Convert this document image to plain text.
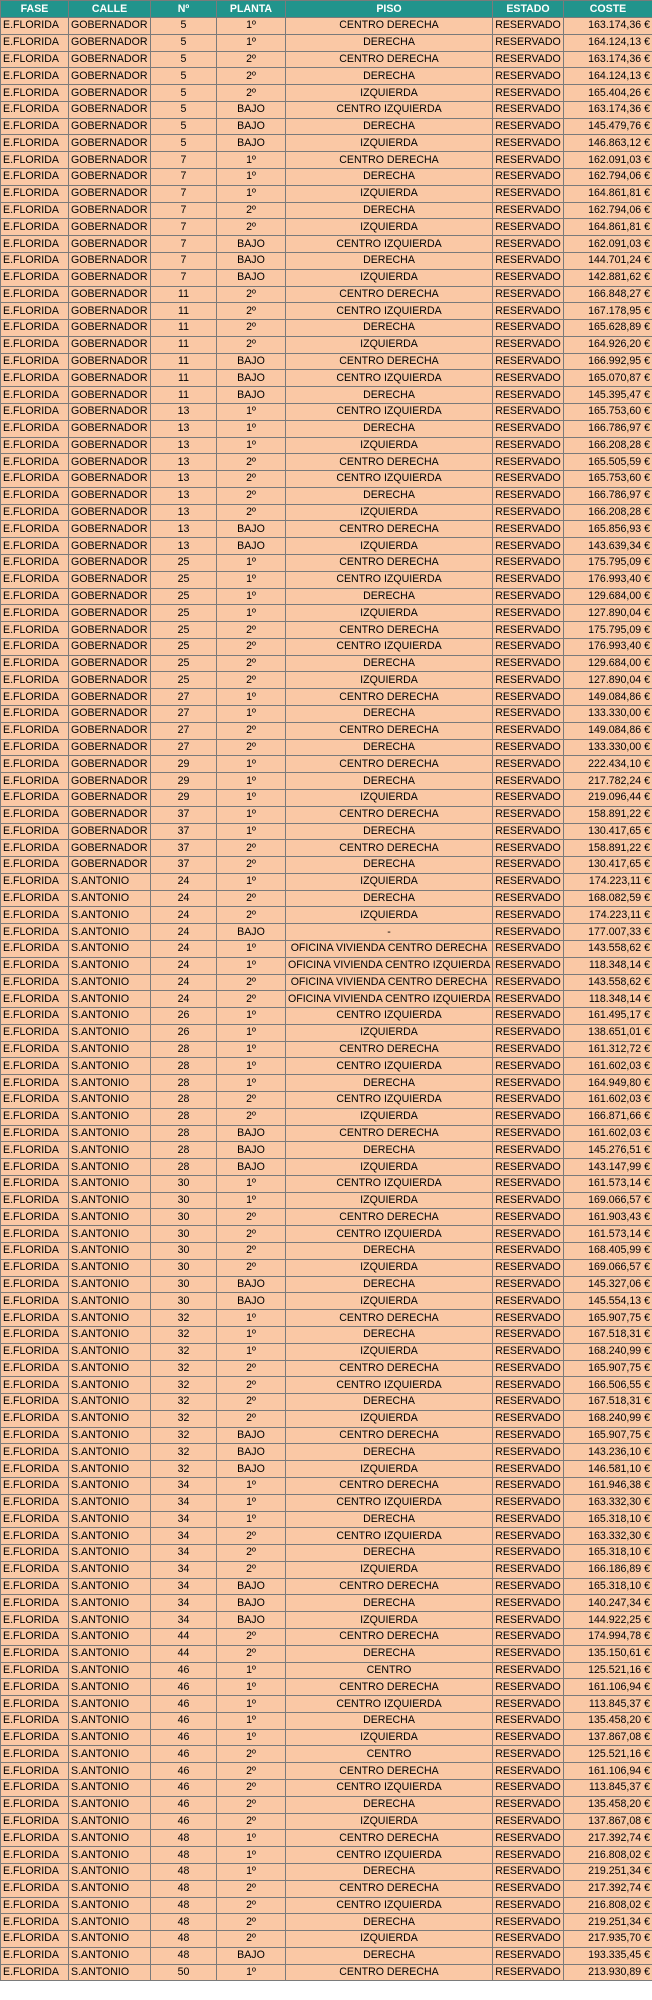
FASE	CALLE	Nº	PLANTA	PISO	ESTADO	COSTE
E.FLORIDA	GOBERNADOR	5	1º	CENTRO DERECHA	RESERVADO	163.174,36 €
E.FLORIDA	GOBERNADOR	5	1º	DERECHA	RESERVADO	164.124,13 €
E.FLORIDA	GOBERNADOR	5	2º	CENTRO DERECHA	RESERVADO	163.174,36 €
E.FLORIDA	GOBERNADOR	5	2º	DERECHA	RESERVADO	164.124,13 €
E.FLORIDA	GOBERNADOR	5	2º	IZQUIERDA	RESERVADO	165.404,26 €
E.FLORIDA	GOBERNADOR	5	BAJO	CENTRO IZQUIERDA	RESERVADO	163.174,36 €
E.FLORIDA	GOBERNADOR	5	BAJO	DERECHA	RESERVADO	145.479,76 €
E.FLORIDA	GOBERNADOR	5	BAJO	IZQUIERDA	RESERVADO	146.863,12 €
E.FLORIDA	GOBERNADOR	7	1º	CENTRO DERECHA	RESERVADO	162.091,03 €
E.FLORIDA	GOBERNADOR	7	1º	DERECHA	RESERVADO	162.794,06 €
E.FLORIDA	GOBERNADOR	7	1º	IZQUIERDA	RESERVADO	164.861,81 €
E.FLORIDA	GOBERNADOR	7	2º	DERECHA	RESERVADO	162.794,06 €
E.FLORIDA	GOBERNADOR	7	2º	IZQUIERDA	RESERVADO	164.861,81 €
E.FLORIDA	GOBERNADOR	7	BAJO	CENTRO IZQUIERDA	RESERVADO	162.091,03 €
E.FLORIDA	GOBERNADOR	7	BAJO	DERECHA	RESERVADO	144.701,24 €
E.FLORIDA	GOBERNADOR	7	BAJO	IZQUIERDA	RESERVADO	142.881,62 €
E.FLORIDA	GOBERNADOR	11	2º	CENTRO DERECHA	RESERVADO	166.848,27 €
E.FLORIDA	GOBERNADOR	11	2º	CENTRO IZQUIERDA	RESERVADO	167.178,95 €
E.FLORIDA	GOBERNADOR	11	2º	DERECHA	RESERVADO	165.628,89 €
E.FLORIDA	GOBERNADOR	11	2º	IZQUIERDA	RESERVADO	164.926,20 €
E.FLORIDA	GOBERNADOR	11	BAJO	CENTRO DERECHA	RESERVADO	166.992,95 €
E.FLORIDA	GOBERNADOR	11	BAJO	CENTRO IZQUIERDA	RESERVADO	165.070,87 €
E.FLORIDA	GOBERNADOR	11	BAJO	DERECHA	RESERVADO	145.395,47 €
E.FLORIDA	GOBERNADOR	13	1º	CENTRO IZQUIERDA	RESERVADO	165.753,60 €
E.FLORIDA	GOBERNADOR	13	1º	DERECHA	RESERVADO	166.786,97 €
E.FLORIDA	GOBERNADOR	13	1º	IZQUIERDA	RESERVADO	166.208,28 €
E.FLORIDA	GOBERNADOR	13	2º	CENTRO DERECHA	RESERVADO	165.505,59 €
E.FLORIDA	GOBERNADOR	13	2º	CENTRO IZQUIERDA	RESERVADO	165.753,60 €
E.FLORIDA	GOBERNADOR	13	2º	DERECHA	RESERVADO	166.786,97 €
E.FLORIDA	GOBERNADOR	13	2º	IZQUIERDA	RESERVADO	166.208,28 €
E.FLORIDA	GOBERNADOR	13	BAJO	CENTRO DERECHA	RESERVADO	165.856,93 €
E.FLORIDA	GOBERNADOR	13	BAJO	IZQUIERDA	RESERVADO	143.639,34 €
E.FLORIDA	GOBERNADOR	25	1º	CENTRO DERECHA	RESERVADO	175.795,09 €
E.FLORIDA	GOBERNADOR	25	1º	CENTRO IZQUIERDA	RESERVADO	176.993,40 €
E.FLORIDA	GOBERNADOR	25	1º	DERECHA	RESERVADO	129.684,00 €
E.FLORIDA	GOBERNADOR	25	1º	IZQUIERDA	RESERVADO	127.890,04 €
E.FLORIDA	GOBERNADOR	25	2º	CENTRO DERECHA	RESERVADO	175.795,09 €
E.FLORIDA	GOBERNADOR	25	2º	CENTRO IZQUIERDA	RESERVADO	176.993,40 €
E.FLORIDA	GOBERNADOR	25	2º	DERECHA	RESERVADO	129.684,00 €
E.FLORIDA	GOBERNADOR	25	2º	IZQUIERDA	RESERVADO	127.890,04 €
E.FLORIDA	GOBERNADOR	27	1º	CENTRO DERECHA	RESERVADO	149.084,86 €
E.FLORIDA	GOBERNADOR	27	1º	DERECHA	RESERVADO	133.330,00 €
E.FLORIDA	GOBERNADOR	27	2º	CENTRO DERECHA	RESERVADO	149.084,86 €
E.FLORIDA	GOBERNADOR	27	2º	DERECHA	RESERVADO	133.330,00 €
E.FLORIDA	GOBERNADOR	29	1º	CENTRO DERECHA	RESERVADO	222.434,10 €
E.FLORIDA	GOBERNADOR	29	1º	DERECHA	RESERVADO	217.782,24 €
E.FLORIDA	GOBERNADOR	29	1º	IZQUIERDA	RESERVADO	219.096,44 €
E.FLORIDA	GOBERNADOR	37	1º	CENTRO DERECHA	RESERVADO	158.891,22 €
E.FLORIDA	GOBERNADOR	37	1º	DERECHA	RESERVADO	130.417,65 €
E.FLORIDA	GOBERNADOR	37	2º	CENTRO DERECHA	RESERVADO	158.891,22 €
E.FLORIDA	GOBERNADOR	37	2º	DERECHA	RESERVADO	130.417,65 €
E.FLORIDA	S.ANTONIO	24	1º	IZQUIERDA	RESERVADO	174.223,11 €
E.FLORIDA	S.ANTONIO	24	2º	DERECHA	RESERVADO	168.082,59 €
E.FLORIDA	S.ANTONIO	24	2º	IZQUIERDA	RESERVADO	174.223,11 €
E.FLORIDA	S.ANTONIO	24	BAJO	-	RESERVADO	177.007,33 €
E.FLORIDA	S.ANTONIO	24	1º	OFICINA VIVIENDA CENTRO DERECHA	RESERVADO	143.558,62 €
E.FLORIDA	S.ANTONIO	24	1º	OFICINA VIVIENDA CENTRO IZQUIERDA	RESERVADO	118.348,14 €
E.FLORIDA	S.ANTONIO	24	2º	OFICINA VIVIENDA CENTRO DERECHA	RESERVADO	143.558,62 €
E.FLORIDA	S.ANTONIO	24	2º	OFICINA VIVIENDA CENTRO IZQUIERDA	RESERVADO	118.348,14 €
E.FLORIDA	S.ANTONIO	26	1º	CENTRO IZQUIERDA	RESERVADO	161.495,17 €
E.FLORIDA	S.ANTONIO	26	1º	IZQUIERDA	RESERVADO	138.651,01 €
E.FLORIDA	S.ANTONIO	28	1º	CENTRO DERECHA	RESERVADO	161.312,72 €
E.FLORIDA	S.ANTONIO	28	1º	CENTRO IZQUIERDA	RESERVADO	161.602,03 €
E.FLORIDA	S.ANTONIO	28	1º	DERECHA	RESERVADO	164.949,80 €
E.FLORIDA	S.ANTONIO	28	2º	CENTRO IZQUIERDA	RESERVADO	161.602,03 €
E.FLORIDA	S.ANTONIO	28	2º	IZQUIERDA	RESERVADO	166.871,66 €
E.FLORIDA	S.ANTONIO	28	BAJO	CENTRO DERECHA	RESERVADO	161.602,03 €
E.FLORIDA	S.ANTONIO	28	BAJO	DERECHA	RESERVADO	145.276,51 €
E.FLORIDA	S.ANTONIO	28	BAJO	IZQUIERDA	RESERVADO	143.147,99 €
E.FLORIDA	S.ANTONIO	30	1º	CENTRO IZQUIERDA	RESERVADO	161.573,14 €
E.FLORIDA	S.ANTONIO	30	1º	IZQUIERDA	RESERVADO	169.066,57 €
E.FLORIDA	S.ANTONIO	30	2º	CENTRO DERECHA	RESERVADO	161.903,43 €
E.FLORIDA	S.ANTONIO	30	2º	CENTRO IZQUIERDA	RESERVADO	161.573,14 €
E.FLORIDA	S.ANTONIO	30	2º	DERECHA	RESERVADO	168.405,99 €
E.FLORIDA	S.ANTONIO	30	2º	IZQUIERDA	RESERVADO	169.066,57 €
E.FLORIDA	S.ANTONIO	30	BAJO	DERECHA	RESERVADO	145.327,06 €
E.FLORIDA	S.ANTONIO	30	BAJO	IZQUIERDA	RESERVADO	145.554,13 €
E.FLORIDA	S.ANTONIO	32	1º	CENTRO DERECHA	RESERVADO	165.907,75 €
E.FLORIDA	S.ANTONIO	32	1º	DERECHA	RESERVADO	167.518,31 €
E.FLORIDA	S.ANTONIO	32	1º	IZQUIERDA	RESERVADO	168.240,99 €
E.FLORIDA	S.ANTONIO	32	2º	CENTRO DERECHA	RESERVADO	165.907,75 €
E.FLORIDA	S.ANTONIO	32	2º	CENTRO IZQUIERDA	RESERVADO	166.506,55 €
E.FLORIDA	S.ANTONIO	32	2º	DERECHA	RESERVADO	167.518,31 €
E.FLORIDA	S.ANTONIO	32	2º	IZQUIERDA	RESERVADO	168.240,99 €
E.FLORIDA	S.ANTONIO	32	BAJO	CENTRO DERECHA	RESERVADO	165.907,75 €
E.FLORIDA	S.ANTONIO	32	BAJO	DERECHA	RESERVADO	143.236,10 €
E.FLORIDA	S.ANTONIO	32	BAJO	IZQUIERDA	RESERVADO	146.581,10 €
E.FLORIDA	S.ANTONIO	34	1º	CENTRO DERECHA	RESERVADO	161.946,38 €
E.FLORIDA	S.ANTONIO	34	1º	CENTRO IZQUIERDA	RESERVADO	163.332,30 €
E.FLORIDA	S.ANTONIO	34	1º	DERECHA	RESERVADO	165.318,10 €
E.FLORIDA	S.ANTONIO	34	2º	CENTRO IZQUIERDA	RESERVADO	163.332,30 €
E.FLORIDA	S.ANTONIO	34	2º	DERECHA	RESERVADO	165.318,10 €
E.FLORIDA	S.ANTONIO	34	2º	IZQUIERDA	RESERVADO	166.186,89 €
E.FLORIDA	S.ANTONIO	34	BAJO	CENTRO DERECHA	RESERVADO	165.318,10 €
E.FLORIDA	S.ANTONIO	34	BAJO	DERECHA	RESERVADO	140.247,34 €
E.FLORIDA	S.ANTONIO	34	BAJO	IZQUIERDA	RESERVADO	144.922,25 €
E.FLORIDA	S.ANTONIO	44	2º	CENTRO DERECHA	RESERVADO	174.994,78 €
E.FLORIDA	S.ANTONIO	44	2º	DERECHA	RESERVADO	135.150,61 €
E.FLORIDA	S.ANTONIO	46	1º	CENTRO	RESERVADO	125.521,16 €
E.FLORIDA	S.ANTONIO	46	1º	CENTRO DERECHA	RESERVADO	161.106,94 €
E.FLORIDA	S.ANTONIO	46	1º	CENTRO IZQUIERDA	RESERVADO	113.845,37 €
E.FLORIDA	S.ANTONIO	46	1º	DERECHA	RESERVADO	135.458,20 €
E.FLORIDA	S.ANTONIO	46	1º	IZQUIERDA	RESERVADO	137.867,08 €
E.FLORIDA	S.ANTONIO	46	2º	CENTRO	RESERVADO	125.521,16 €
E.FLORIDA	S.ANTONIO	46	2º	CENTRO DERECHA	RESERVADO	161.106,94 €
E.FLORIDA	S.ANTONIO	46	2º	CENTRO IZQUIERDA	RESERVADO	113.845,37 €
E.FLORIDA	S.ANTONIO	46	2º	DERECHA	RESERVADO	135.458,20 €
E.FLORIDA	S.ANTONIO	46	2º	IZQUIERDA	RESERVADO	137.867,08 €
E.FLORIDA	S.ANTONIO	48	1º	CENTRO DERECHA	RESERVADO	217.392,74 €
E.FLORIDA	S.ANTONIO	48	1º	CENTRO IZQUIERDA	RESERVADO	216.808,02 €
E.FLORIDA	S.ANTONIO	48	1º	DERECHA	RESERVADO	219.251,34 €
E.FLORIDA	S.ANTONIO	48	2º	CENTRO DERECHA	RESERVADO	217.392,74 €
E.FLORIDA	S.ANTONIO	48	2º	CENTRO IZQUIERDA	RESERVADO	216.808,02 €
E.FLORIDA	S.ANTONIO	48	2º	DERECHA	RESERVADO	219.251,34 €
E.FLORIDA	S.ANTONIO	48	2º	IZQUIERDA	RESERVADO	217.935,70 €
E.FLORIDA	S.ANTONIO	48	BAJO	DERECHA	RESERVADO	193.335,45 €
E.FLORIDA	S.ANTONIO	50	1º	CENTRO DERECHA	RESERVADO	213.930,89 €
